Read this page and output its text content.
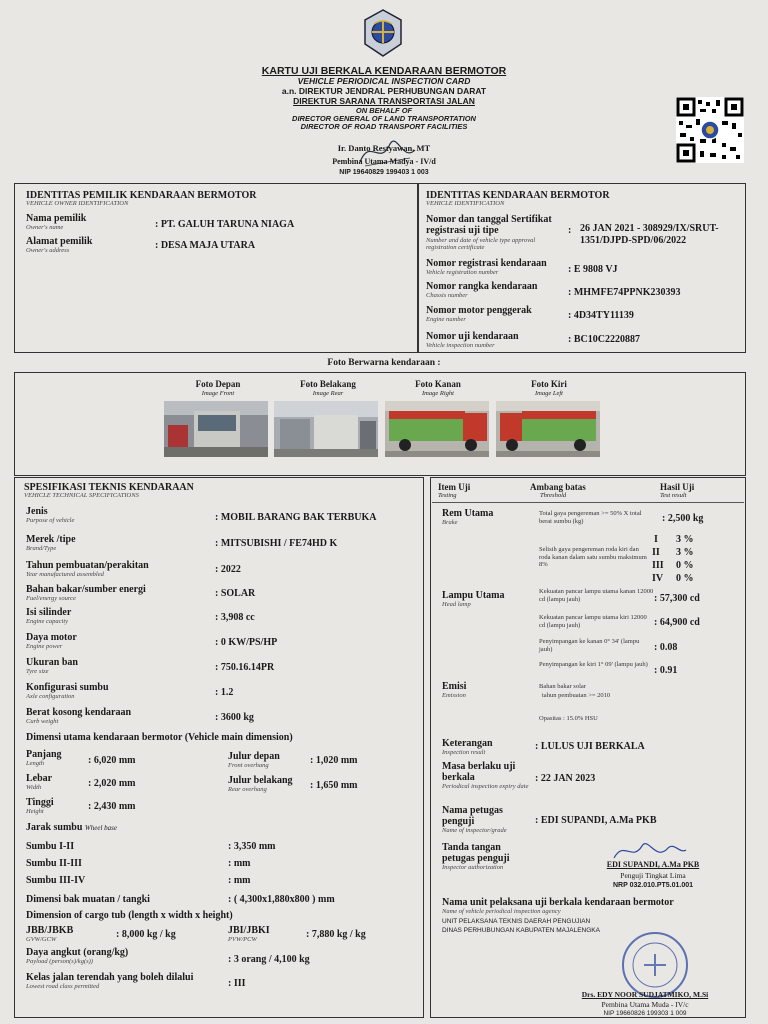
KARTU UJI BERKALA KENDARAAN BERMOTOR
VEHICLE PERIODICAL INSPECTION CARD
a.n. DIREKTUR JENDRAL PERHUBUNGAN DARAT
DIREKTUR SARANA TRANSPORTASI JALAN
ON BEHALF OF
DIRECTOR GENERAL OF LAND TRANSPORTATION
DIRECTOR OF ROAD TRANSPORT FACILITIES
Ir. Danto Restyawan, MT
Pembina Utama Madya - IV/d
NIP 19640829 199403 1 003
IDENTITAS PEMILIK KENDARAAN BERMOTOR
VEHICLE OWNER IDENTIFICATION
Nama pemilik
Owner's name	: PT. GALUH TARUNA NIAGA
Alamat pemilik
Owner's address	: DESA MAJA UTARA
IDENTITAS KENDARAAN BERMOTOR
VEHICLE IDENTIFICATION
Nomor dan tanggal Sertifikat registrasi uji tipe
Number and date of vehicle type approval registration certificate
: 26 JAN 2021 - 308929/IX/SRUT-
1351/DJPD-SPD/06/2022
Nomor registrasi kendaraan
Vehicle registration number	: E 9808 VJ
Nomor rangka kendaraan
Chassis number	: MHMFE74PPNK230393
Nomor motor penggerak
Engine number	: 4D34TY11139
Nomor uji kendaraan
Vehicle inspection number
: BC10C2220887
Foto Berwarna kendaraan :
Foto Depan
Image Front
Foto Belakang
Image Rear
Foto Kanan
Image Right
Foto Kiri
Image Left
SPESIFIKASI TEKNIS KENDARAAN
VEHICLE TECHNICAL SPECIFICATIONS
Jenis
Purpose of vehicle	: MOBIL BARANG BAK TERBUKA
Merek /tipe
Brand/Type	: MITSUBISHI / FE74HD K
Tahun pembuatan/perakitan
Year manufactured assembled	: 2022
Bahan bakar/sumber energi
Fuel/energy source	: SOLAR
Isi silinder
Engine capacity	: 3,908 cc
Daya motor
Engine power	: 0 KW/PS/HP
Ukuran ban
Tyre size	: 750.16.14PR
Konfigurasi sumbu
Axle configuration	: 1.2
Berat kosong kendaraan
Curb weight	: 3600 kg
Dimensi utama kendaraan bermotor (Vehicle main dimension)
Panjang
Length	: 6,020 mm	Julur depan
Front overhang	: 1,020 mm
Lebar
Width	: 2,020 mm	Julur belakang
Rear overhang	: 1,650 mm
Tinggi
Height	: 2,430 mm
Jarak sumbu Wheel base
Sumbu I-II	: 3,350 mm
Sumbu II-III	: mm
Sumbu III-IV	: mm
Dimensi bak muatan / tangki	: ( 4,300x1,880x800 ) mm
Dimension of cargo tub (length x width x height)
JBB/JBKB
GVW/GCW	: 8,000 kg / kg	JBI/JBKI
PVW/PCW	: 7,880 kg / kg
Daya angkut (orang/kg)
Payload (person(s)/kg(s))	: 3 orang / 4,100 kg
Kelas jalan terendah yang boleh dilalui
Lowest road class permitted	: III
Item Uji
Testing
Ambang batas
Threshold
Hasil Uji
Test result
Rem Utama
Brake
Total gaya pengereman >= 50% X total berat sumbu (kg)	: 2,500 kg
Selisih gaya pengereman roda kiri dan roda kanan dalam satu sumbu maksimum 8%
I 3 %
II 3 %
III 0 %
IV 0 %
Lampu Utama
Head lamp
Kekuatan pancar lampu utama kanan 12000 cd (lampu jauh)	: 57,300 cd
Kekuatan pancar lampu utama kiri 12000 cd (lampu jauh)	: 64,900 cd
Penyimpangan ke kanan 0° 34' (lampu jauh)	: 0.08
Penyimpangan ke kiri 1° 09' (lampu jauh)
: 0.91
Emisi
Emission
Bahan bakar solar
tahun pembuatan >= 2010
Opasitas : 15.0% HSU
Keterangan
Inspection result
: LULUS UJI BERKALA
Masa berlaku uji berkala
Periodical inspection expiry date
: 22 JAN 2023
Nama petugas penguji
Name of inspector/grade
: EDI SUPANDI, A.Ma PKB
Tanda tangan petugas penguji
Inspector authorization	EDI SUPANDI, A.Ma PKB
Penguji Tingkat Lima
NRP 032.010.PT5.01.001
Nama unit pelaksana uji berkala kendaraan bermotor
Name of vehicle periodical inspection agency
UNIT PELAKSANA TEKNIS DAERAH PENGUJIAN
DINAS PERHUBUNGAN KABUPATEN MAJALENGKA
Drs. EDY NOOR SUDJATMIKO, M.Si
Pembina Utama Muda - IV/c
NIP 19660826 199303 1 009
